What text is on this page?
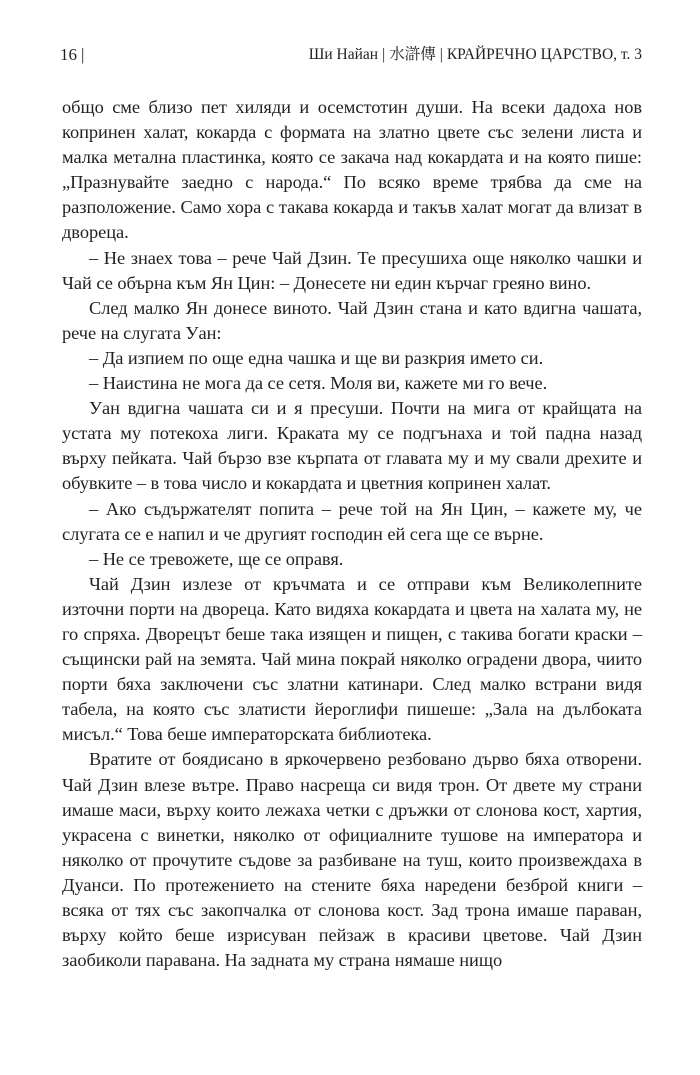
16 |	Ши Найан | 水滸傳 | КРАЙРЕЧНО ЦАРСТВО, т. 3

общо сме близо пет хиляди и осемстотин души. На всеки дадоха нов копринен халат, кокарда с формата на златно цвете със зелени листа и малка метална пластинка, която се закача над кокардата и на която пише: „Празнувайте заедно с народа.“ По всяко време трябва да сме на разположение. Само хора с такава кокарда и такъв халат могат да влизат в двореца.

– Не знаех това – рече Чай Дзин. Те пресушиха още няколко чашки и Чай се обърна към Ян Цин: – Донесете ни един кърчаг греяно вино.

След малко Ян донесе виното. Чай Дзин стана и като вдигна чашата, рече на слугата Уан:

– Да изпием по още една чашка и ще ви разкрия името си.

– Наистина не мога да се сетя. Моля ви, кажете ми го вече.

Уан вдигна чашата си и я пресуши. Почти на мига от крайщата на устата му потекоха лиги. Краката му се подгънаха и той падна назад върху пейката. Чай бързо взе кърпата от главата му и му свали дрехите и обувките – в това число и кокардата и цветния копринен халат.

– Ако съдържателят попита – рече той на Ян Цин, – кажете му, че слугата се е напил и че другият господин ей сега ще се върне.

– Не се тревожете, ще се оправя.

Чай Дзин излезе от кръчмата и се отправи към Великолепните източни порти на двореца. Като видяха кокардата и цвета на халата му, не го спряха. Дворецът беше така изящен и пищен, с такива богати краски – същински рай на земята. Чай мина покрай няколко оградени двора, чиито порти бяха заключени със златни катинари. След малко встрани видя табела, на която със златисти йероглифи пишеше: „Зала на дълбоката мисъл.“ Това беше императорската библиотека.

Вратите от боядисано в яркочервено резбовано дърво бяха отворени. Чай Дзин влезе вътре. Право насреща си видя трон. От двете му страни имаше маси, върху които лежаха четки с дръжки от слонова кост, хартия, украсена с винетки, няколко от официалните тушове на императора и няколко от прочутите съдове за разбиване на туш, които произвеждаха в Дуанси. По протежението на стените бяха наредени безброй книги – всяка от тях със закопчалка от слонова кост. Зад трона имаше параван, върху който беше изрисуван пейзаж в красиви цветове. Чай Дзин заобиколи паравана. На задната му страна нямаше нищо
